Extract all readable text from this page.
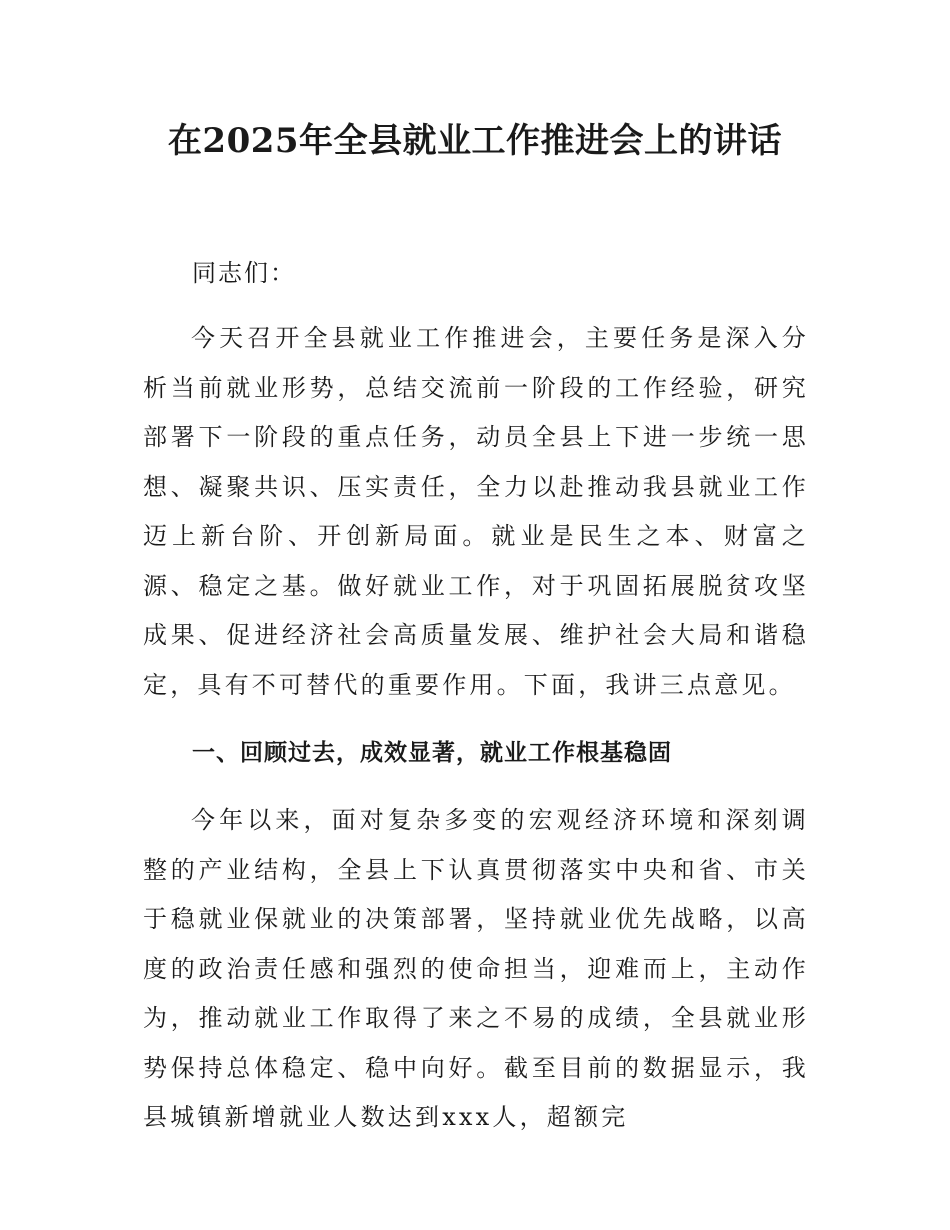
在2025年全县就业工作推进会上的讲话
同志们：

今天召开全县就业工作推进会，主要任务是深入分析当前就业形势，总结交流前一阶段的工作经验，研究部署下一阶段的重点任务，动员全县上下进一步统一思想、凝聚共识、压实责任，全力以赴推动我县就业工作迈上新台阶、开创新局面。就业是民生之本、财富之源、稳定之基。做好就业工作，对于巩固拓展脱贫攻坚成果、促进经济社会高质量发展、维护社会大局和谐稳定，具有不可替代的重要作用。下面，我讲三点意见。

一、回顾过去，成效显著，就业工作根基稳固

今年以来，面对复杂多变的宏观经济环境和深刻调整的产业结构，全县上下认真贯彻落实中央和省、市关于稳就业保就业的决策部署，坚持就业优先战略，以高度的政治责任感和强烈的使命担当，迎难而上，主动作为，推动就业工作取得了来之不易的成绩，全县就业形势保持总体稳定、稳中向好。截至目前的数据显示，我县城镇新增就业人数达到xxx人，超额完
